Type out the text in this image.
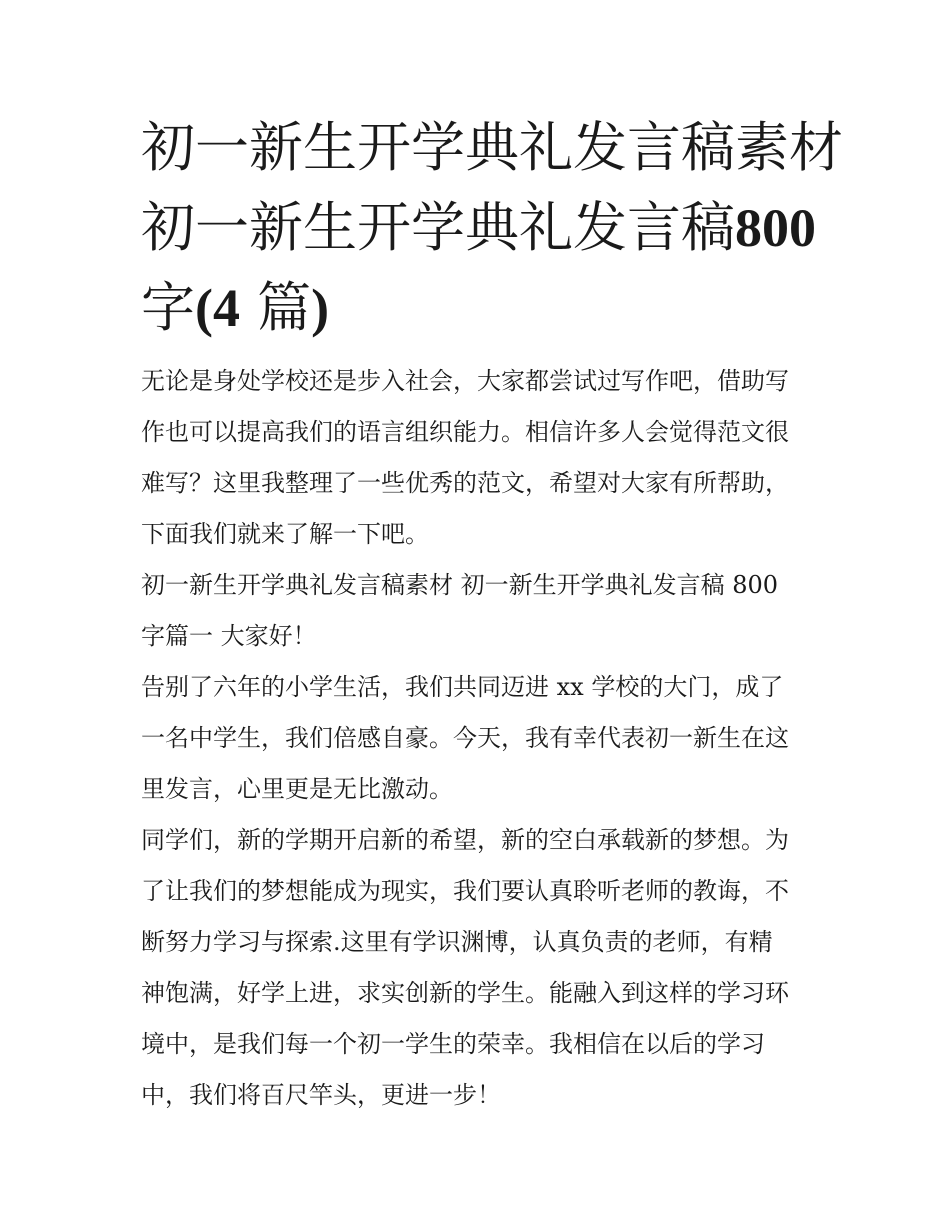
初一新生开学典礼发言稿素材
初一新生开学典礼发言稿800
字(4 篇)

无论是身处学校还是步入社会，大家都尝试过写作吧，借助写
作也可以提高我们的语言组织能力。相信许多人会觉得范文很
难写？这里我整理了一些优秀的范文，希望对大家有所帮助，
下面我们就来了解一下吧。

初一新生开学典礼发言稿素材 初一新生开学典礼发言稿 800
字篇一 大家好！

告别了六年的小学生活，我们共同迈进 xx 学校的大门，成了
一名中学生，我们倍感自豪。今天，我有幸代表初一新生在这
里发言，心里更是无比激动。

同学们，新的学期开启新的希望，新的空白承载新的梦想。为
了让我们的梦想能成为现实，我们要认真聆听老师的教诲，不
断努力学习与探索.这里有学识渊博，认真负责的老师，有精
神饱满，好学上进，求实创新的学生。能融入到这样的学习环
境中，是我们每一个初一学生的荣幸。我相信在以后的学习
中，我们将百尺竿头，更进一步！
